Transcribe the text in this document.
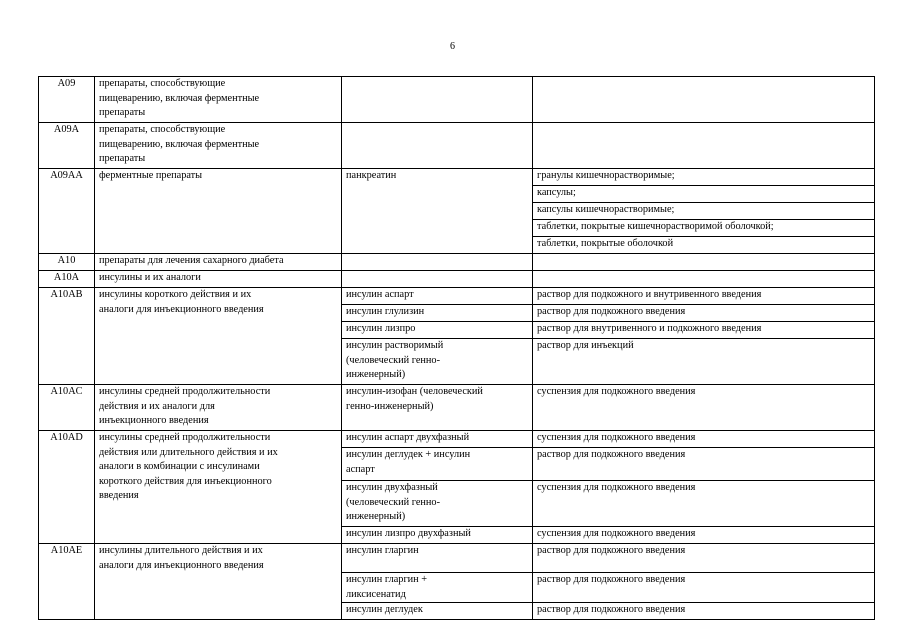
6
A09	препараты, способствующие
пищеварению, включая ферментные
препараты		

A09A	препараты, способствующие
пищеварению, включая ферментные
препараты		

A09AA	ферментные препараты	панкреатин	гранулы кишечнорастворимые;

			капсулы;

			капсулы кишечнорастворимые;

			таблетки, покрытые кишечнорастворимой оболочкой;

			таблетки, покрытые оболочкой

A10	препараты для лечения сахарного диабета		

A10A	инсулины и их аналоги		

A10AB	инсулины короткого действия и их
аналоги для инъекционного введения	инсулин аспарт	раствор для подкожного и внутривенного введения

		инсулин глулизин	раствор для подкожного введения

		инсулин лизпро	раствор для внутривенного и подкожного введения

		инсулин растворимый
(человеческий генно-
инженерный)	раствор для инъекций

A10AC	инсулины средней продолжительности
действия и их аналоги для
инъекционного введения	инсулин-изофан (человеческий
генно-инженерный)	суспензия для подкожного введения

A10AD	инсулины средней продолжительности
действия или длительного действия и их
аналоги в комбинации с инсулинами
короткого действия для инъекционного
введения	инсулин аспарт двухфазный	суспензия для подкожного введения

		инсулин деглудек + инсулин
аспарт	раствор для подкожного введения

		инсулин двухфазный
(человеческий генно-
инженерный)	суспензия для подкожного введения

		инсулин лизпро двухфазный	суспензия для подкожного введения

A10AE	инсулины длительного действия и их
аналоги для инъекционного введения	инсулин гларгин	раствор для подкожного введения

		инсулин гларгин +
ликсисенатид	раствор для подкожного введения

		инсулин деглудек	раствор для подкожного введения
